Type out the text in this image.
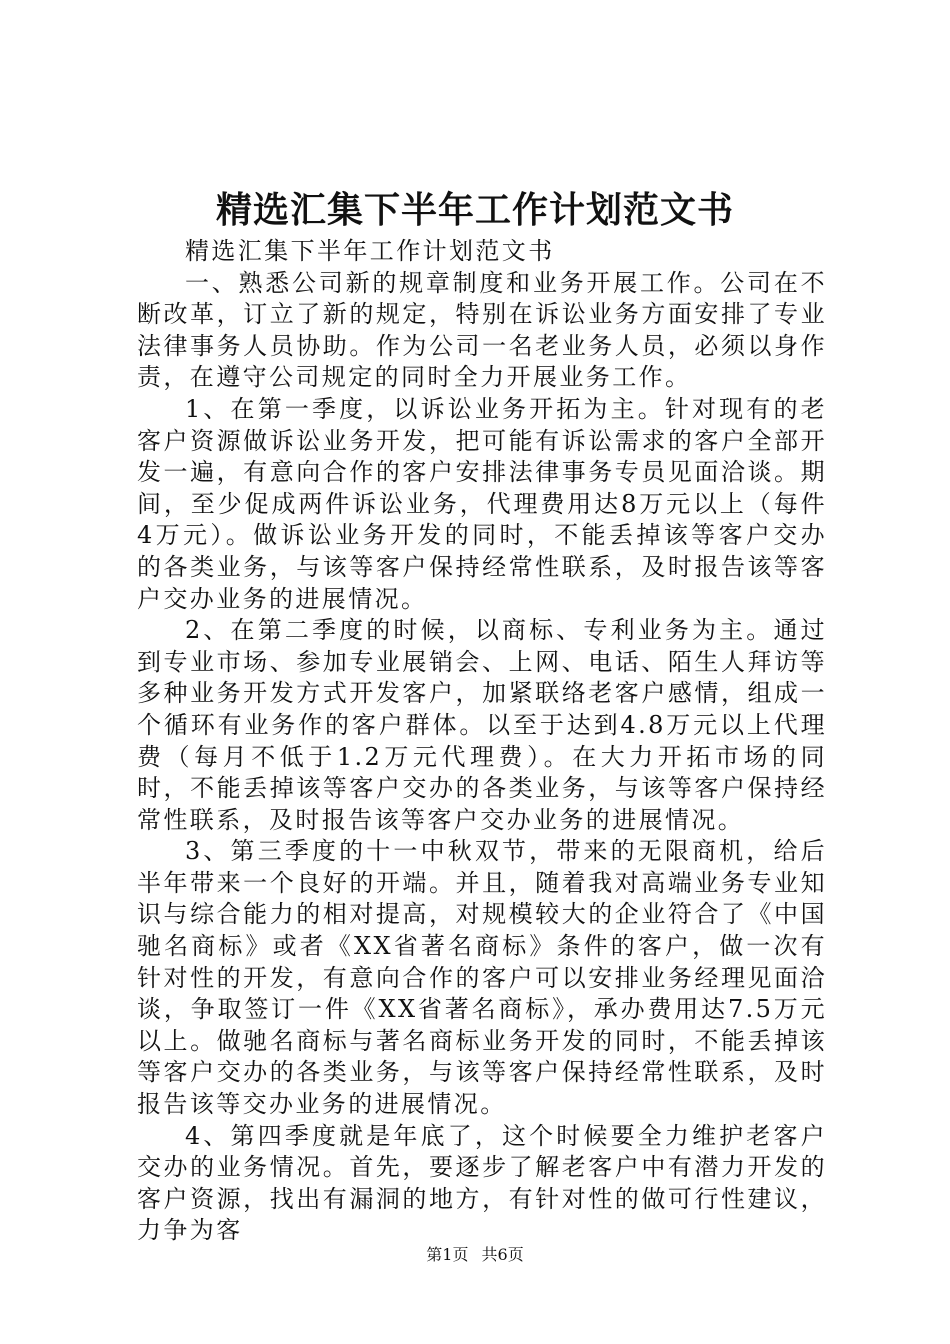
精选汇集下半年工作计划范文书

精选汇集下半年工作计划范文书

一、熟悉公司新的规章制度和业务开展工作。公司在不断改革，订立了新的规定，特别在诉讼业务方面安排了专业法律事务人员协助。作为公司一名老业务人员，必须以身作责，在遵守公司规定的同时全力开展业务工作。

1、在第一季度，以诉讼业务开拓为主。针对现有的老客户资源做诉讼业务开发，把可能有诉讼需求的客户全部开发一遍，有意向合作的客户安排法律事务专员见面洽谈。期间，至少促成两件诉讼业务，代理费用达8万元以上（每件4万元）。做诉讼业务开发的同时，不能丢掉该等客户交办的各类业务，与该等客户保持经常性联系，及时报告该等客户交办业务的进展情况。

2、在第二季度的时候，以商标、专利业务为主。通过到专业市场、参加专业展销会、上网、电话、陌生人拜访等多种业务开发方式开发客户，加紧联络老客户感情，组成一个循环有业务作的客户群体。以至于达到4.8万元以上代理费（每月不低于1.2万元代理费）。在大力开拓市场的同时，不能丢掉该等客户交办的各类业务，与该等客户保持经常性联系，及时报告该等客户交办业务的进展情况。

3、第三季度的十一中秋双节，带来的无限商机，给后半年带来一个良好的开端。并且，随着我对高端业务专业知识与综合能力的相对提高，对规模较大的企业符合了《中国驰名商标》或者《XX省著名商标》条件的客户，做一次有针对性的开发，有意向合作的客户可以安排业务经理见面洽谈，争取签订一件《XX省著名商标》，承办费用达7.5万元以上。做驰名商标与著名商标业务开发的同时，不能丢掉该等客户交办的各类业务，与该等客户保持经常性联系，及时报告该等交办业务的进展情况。

4、第四季度就是年底了，这个时候要全力维护老客户交办的业务情况。首先，要逐步了解老客户中有潜力开发的客户资源，找出有漏洞的地方，有针对性的做可行性建议，力争为客

第1页 共6页
